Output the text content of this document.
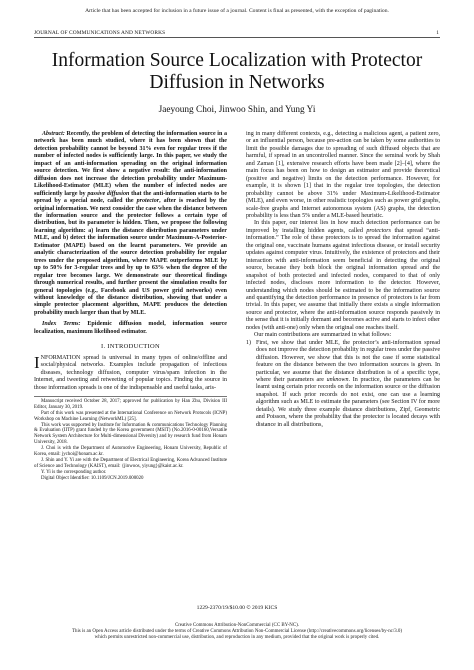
Article that has been accepted for inclusion in a future issue of a journal. Content is final as presented, with the exception of pagination.
JOURNAL OF COMMUNICATIONS AND NETWORKS	1
Information Source Localization with Protector
Diffusion in Networks
Jaeyoung Choi, Jinwoo Shin, and Yung Yi

Abstract: Recently, the problem of detecting the information source in a network has been much studied, where it has been shown that the detection probability cannot be beyond 31% even for regular trees if the number of infected nodes is sufficiently large. In this paper, we study the impact of an anti-information spreading on the original information source detection. We first show a negative result: the anti-information diffusion does not increase the detection probability under Maximum-Likelihood-Estimator (MLE) when the number of infected nodes are sufficiently large by passive diffusion that the anti-information starts to be spread by a special node, called the protector, after is reached by the original information. We next consider the case when the distance between the information source and the protector follows a certain type of distribution, but its parameter is hidden. Then, we propose the following learning algorithm: a) learn the distance distribution parameters under MLE, and b) detect the information source under Maximum-A-Posterior-Estimator (MAPE) based on the learnt parameters. We provide an analytic characterization of the source detection probability for regular trees under the proposed algorithm, where MAPE outperforms MLE by up to 50% for 3-regular trees and by up to 63% when the degree of the regular tree becomes large. We demonstrate our theoretical findings through numerical results, and further present the simulation results for general topologies (e.g., Facebook and US power grid networks) even without knowledge of the distance distribution, showing that under a simple protector placement algorithm, MAPE produces the detection probability much larger than that by MLE.

Index Terms: Epidemic diffusion model, information source localization, maximum likelihood estimator.

I. INTRODUCTION

INFORMATION spread is universal in many types of online/offline and social/physical networks. Examples include propagation of infectious diseases, technology diffusion, computer virus/spam infection in the Internet, and tweeting and retweeting of popular topics. Finding the source in those information spreads is one of the indispensable and useful tasks, aris-

Manuscript received October 28, 2017; approved for publication by Han Zhu, Division III Editor, January 30, 2019.

Part of this work was presented at the International Conference on Network Protocols (ICNP) Workshop on Machine Learning (NetworkML) [25].

This work was supported by Institute for Information & communications Technology Planning & Evaluation (IITP) grant funded by the Korea government (MSIT) (No.2016-0-00160,Versatile Network System Architecture for Multi-dimensional Diversity) and by research fund from Honam University, 2018.

J. Choi is with the Department of Automotive Engineering, Honam University, Republic of Korea, email: jychoi@honam.ac.kr.

J. Shin and Y. Yi are with the Department of Electrical Engineering, Korea Advanced Institute of Science and Technology (KAIST), email: {jinwoos, yiyung}@kaist.ac.kr.

Y. Yi is the corresponding author.

Digital Object Identifier: 10.1109/JCN.2019.000020

ing in many different contexts, e.g., detecting a malicious agent, a patient zero, or an influential person, because pre-action can be taken by some authorities to limit the possible damages due to spreading of such diffused objects that are harmful, if spread in an uncontrolled manner. Since the seminal work by Shah and Zaman [1], extensive research efforts have been made [2]–[4], where the main focus has been on how to design an estimator and provide theoretical (positive and negative) limits on the detection performance. However, for example, it is shown [1] that in the regular tree topologies, the detection probability cannot be above 31% under Maximum-Likelihood-Estimator (MLE), and even worse, in other realistic topologies such as power grid graphs, scale-free graphs and Internet autonomous system (AS) graphs, the detection probability is less than 5% under a MLE-based heuristic.

In this paper, our interest lies in how much detection performance can be improved by installing hidden agents, called protectors that spread “anti-information.” The role of these protectors is to spread the information against the original one, vaccinate humans against infectious disease, or install security updates against computer virus. Intuitively, the existence of protectors and their interaction with anti-information seem beneficial in detecting the original source, because they both block the original information spread and the snapshot of both protected and infected nodes, compared to that of only infected nodes, discloses more information to the detector. However, understanding which nodes should be estimated to be the information source and quantifying the detection performance in presence of protectors is far from trivial. In this paper, we assume that initially there exists a single information source and protector, where the anti-information source responds passively in the sense that it is initially dormant and becomes active and starts to infect other nodes (with anti-one) only when the original one reaches itself.

Our main contributions are summarized in what follows:

1) First, we show that under MLE, the protector’s anti-information spread does not improve the detection probability in regular trees under the passive diffusion. However, we show that this is not the case if some statistical feature on the distance between the two information sources is given. In particular, we assume that the distance distribution is of a specific type, where their parameters are unknown. In practice, the parameters can be learnt using certain prior records on the information source or the diffusion snapshot. If such prior records do not exist, one can use a learning algorithm such as MLE to estimate the parameters (see Section IV for more details). We study three example distance distributions, Zipf, Geometric and Poisson, where the probability that the protector is located decays with distance in all distributions,
1229-2370/19/$10.00 © 2019 KICS
Creative Commons Attribution-NonCommercial (CC BY-NC).
This is an Open Access article distributed under the terms of Creative Commons Attribution Non-Commercial License (http://creativecommons.org/licenses/by-nc/3.0)
which permits unrestricted non-commercial use, distribution, and reproduction in any medium, provided that the original work is properly cited.
